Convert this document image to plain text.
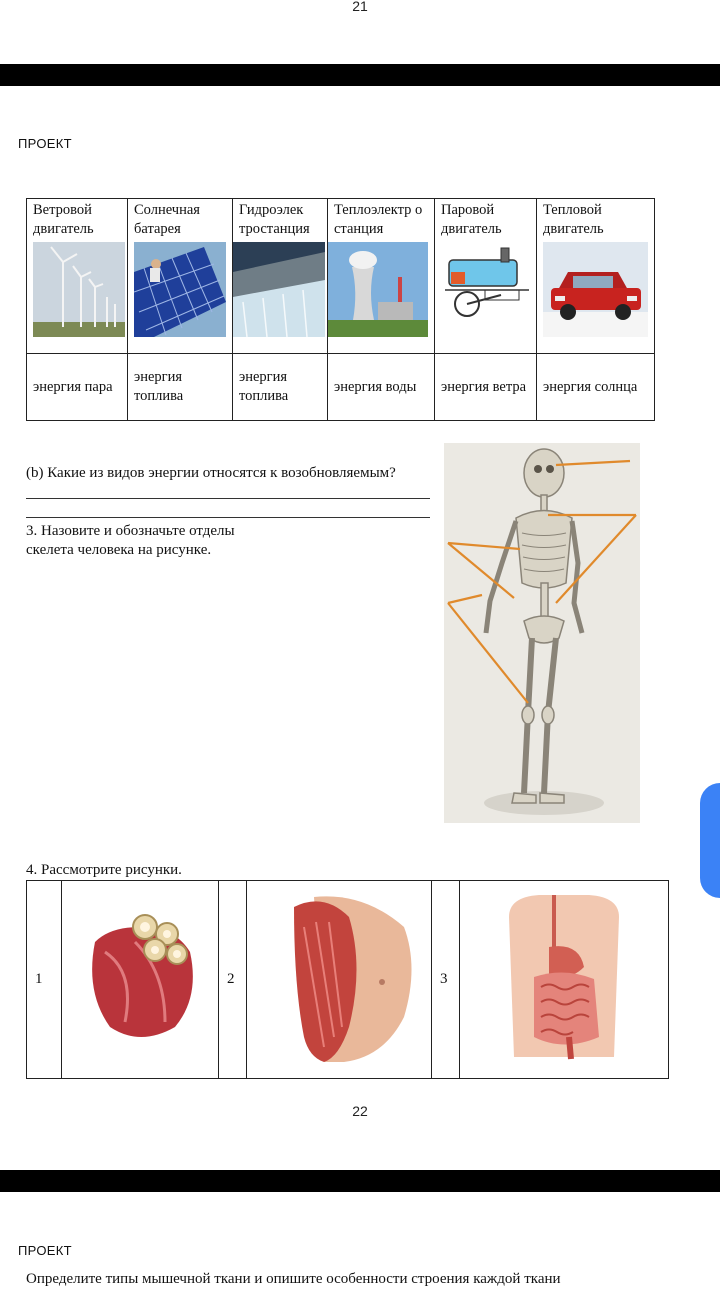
21
ПРОЕКТ
Ветровой двигатель	Солнечная батарея	Гидроэлек тростанция	Теплоэлектр о станция	Паровой двигатель	Тепловой двигатель

энергия пара	энергия топлива	энергия топлива	энергия воды	энергия ветра	энергия солнца
(b) Какие из видов энергии относятся к возобновляемым?
3. Назовите и обозначьте отделы
скелета человека на рисунке.
4. Рассмотрите рисунки.
1		2		3	
22
ПРОЕКТ
Определите типы мышечной ткани и опишите особенности строения каждой ткани
